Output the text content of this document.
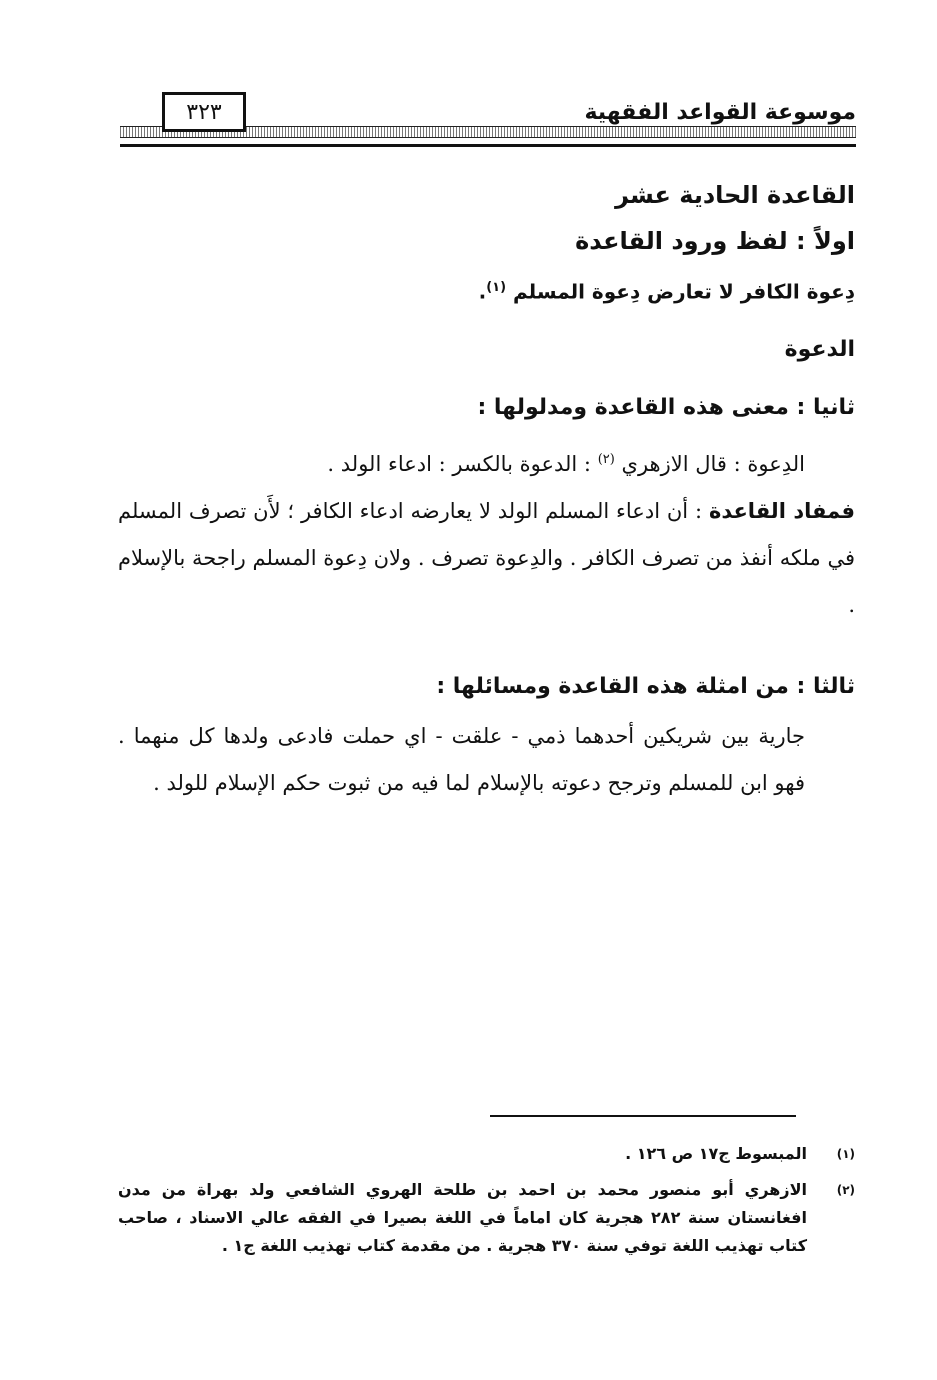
موسوعة القواعد الفقهية
٣٢٣
القاعدة الحادية عشر
اولاً : لفظ ورود القاعدة
دِعوة الكافر لا تعارض دِعوة المسلم $^{(١)}$.
الدعوة
ثانيا : معنى هذه القاعدة ومدلولها :
الدِعوة : قال الازهري $^{(٢)}$ : الدعوة بالكسر : ادعاء الولد .
فمفاد القاعدة : أن ادعاء المسلم الولد لا يعارضه ادعاء الكافر ؛ لأَن تصرف المسلم في ملكه أنفذ من تصرف الكافر . والدِعوة تصرف . ولان دِعوة المسلم راجحة بالإسلام .
ثالثا : من امثلة هذه القاعدة ومسائلها :
جارية بين شريكين أحدهما ذمي - علقت - اي حملت فادعى ولدها كل منهما . فهو ابن للمسلم وترجح دعوته بالإسلام لما فيه من ثبوت حكم الإسلام للولد .
(١)
المبسوط ج١٧ ص ١٢٦ .
(٢)
الازهري أبو منصور محمد بن احمد بن طلحة الهروي الشافعي ولد بهراة من مدن افغانستان سنة ٢٨٢ هجرية كان اماماً في اللغة بصيرا في الفقه عالي الاسناد ، صاحب كتاب تهذيب اللغة توفي سنة ٣٧٠ هجرية . من مقدمة كتاب تهذيب اللغة ج١ .
